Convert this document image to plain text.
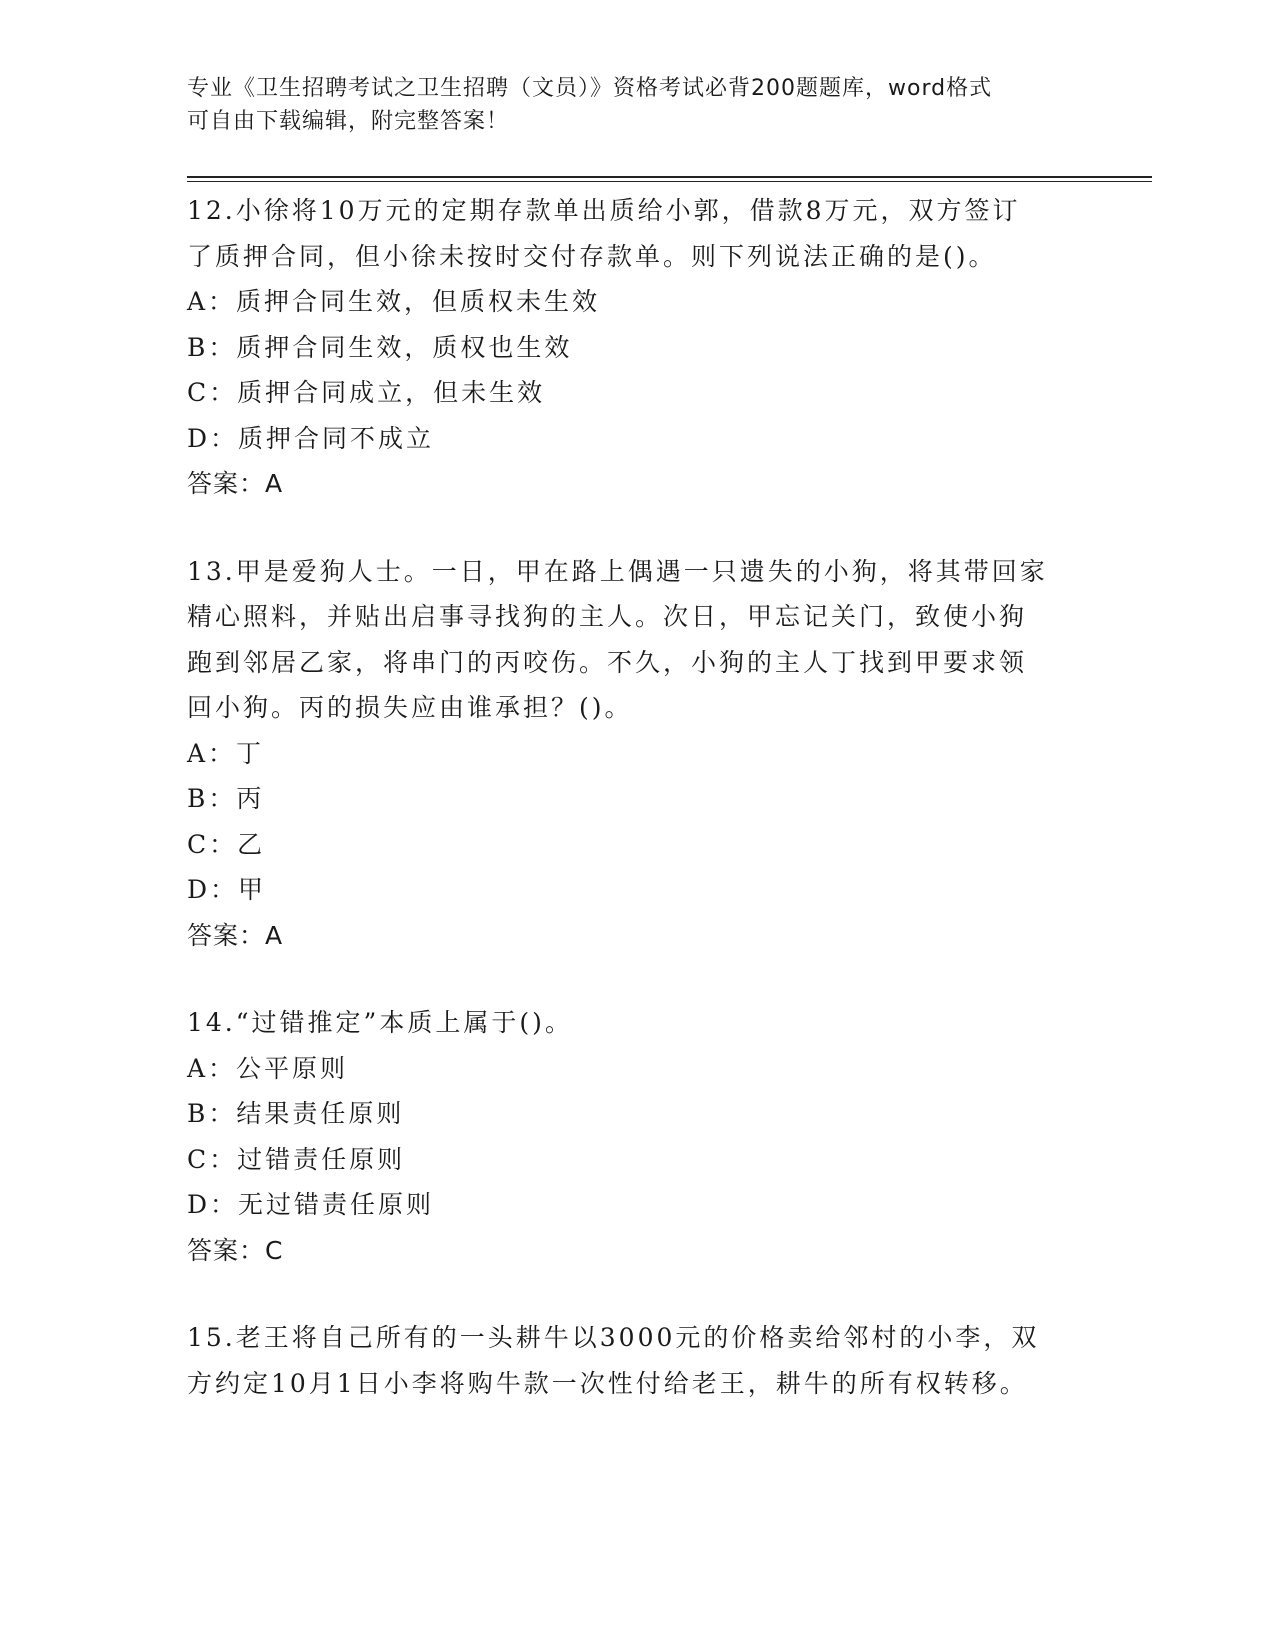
专业《卫生招聘考试之卫生招聘（文员）》资格考试必背200题题库，word格式
可自由下载编辑，附完整答案！
12.小徐将10万元的定期存款单出质给小郭，借款8万元，双方签订
了质押合同，但小徐未按时交付存款单。则下列说法正确的是()。
A：质押合同生效，但质权未生效
B：质押合同生效，质权也生效
C：质押合同成立，但未生效
D：质押合同不成立
答案：A
13.甲是爱狗人士。一日，甲在路上偶遇一只遗失的小狗，将其带回家
精心照料，并贴出启事寻找狗的主人。次日，甲忘记关门，致使小狗
跑到邻居乙家，将串门的丙咬伤。不久，小狗的主人丁找到甲要求领
回小狗。丙的损失应由谁承担？()。
A：丁
B：丙
C：乙
D：甲
答案：A
14.“过错推定”本质上属于()。
A：公平原则
B：结果责任原则
C：过错责任原则
D：无过错责任原则
答案：C
15.老王将自己所有的一头耕牛以3000元的价格卖给邻村的小李，双
方约定10月1日小李将购牛款一次性付给老王，耕牛的所有权转移。
